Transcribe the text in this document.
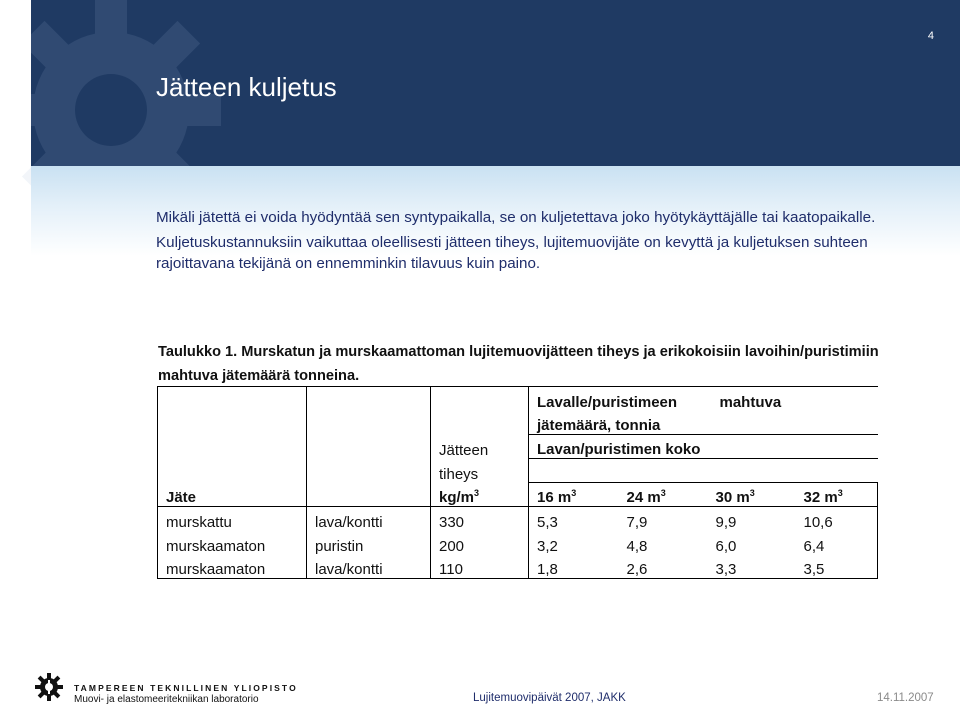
4
Jätteen kuljetus

Mikäli jätettä ei voida hyödyntää sen syntypaikalla, se on kuljetettava joko hyötykäyttäjälle tai kaatopaikalle.

Kuljetuskustannuksiin vaikuttaa oleellisesti jätteen tiheys, lujitemuovijäte on kevyttä ja kuljetuksen suhteen rajoittavana tekijänä on ennemminkin tilavuus kuin paino.

Taulukko 1. Murskatun ja murskaamattoman lujitemuovijätteen tiheys ja erikokoisiin lavoihin/puristimiin mahtuva jätemäärä tonneina.
			Lavalle/puristimeen		mahtuva	
			jätemäärä, tonnia			
		Jätteen	Lavan/puristimen koko			
		tiheys				
Jäte		$kg/m^3$	16 $m^3$	24 $m^3$	30 $m^3$	32 $m^3$
murskattu	lava/kontti	330	5,3	7,9	9,9	10,6
murskaamaton	puristin	200	3,2	4,8	6,0	6,4
murskaamaton	lava/kontti	110	1,8	2,6	3,3	3,5
TAMPEREEN TEKNILLINEN YLIOPISTO
Muovi- ja elastomeeritekniikan laboratorio	Lujitemuovipäivät 2007, JAKK	14.11.2007
